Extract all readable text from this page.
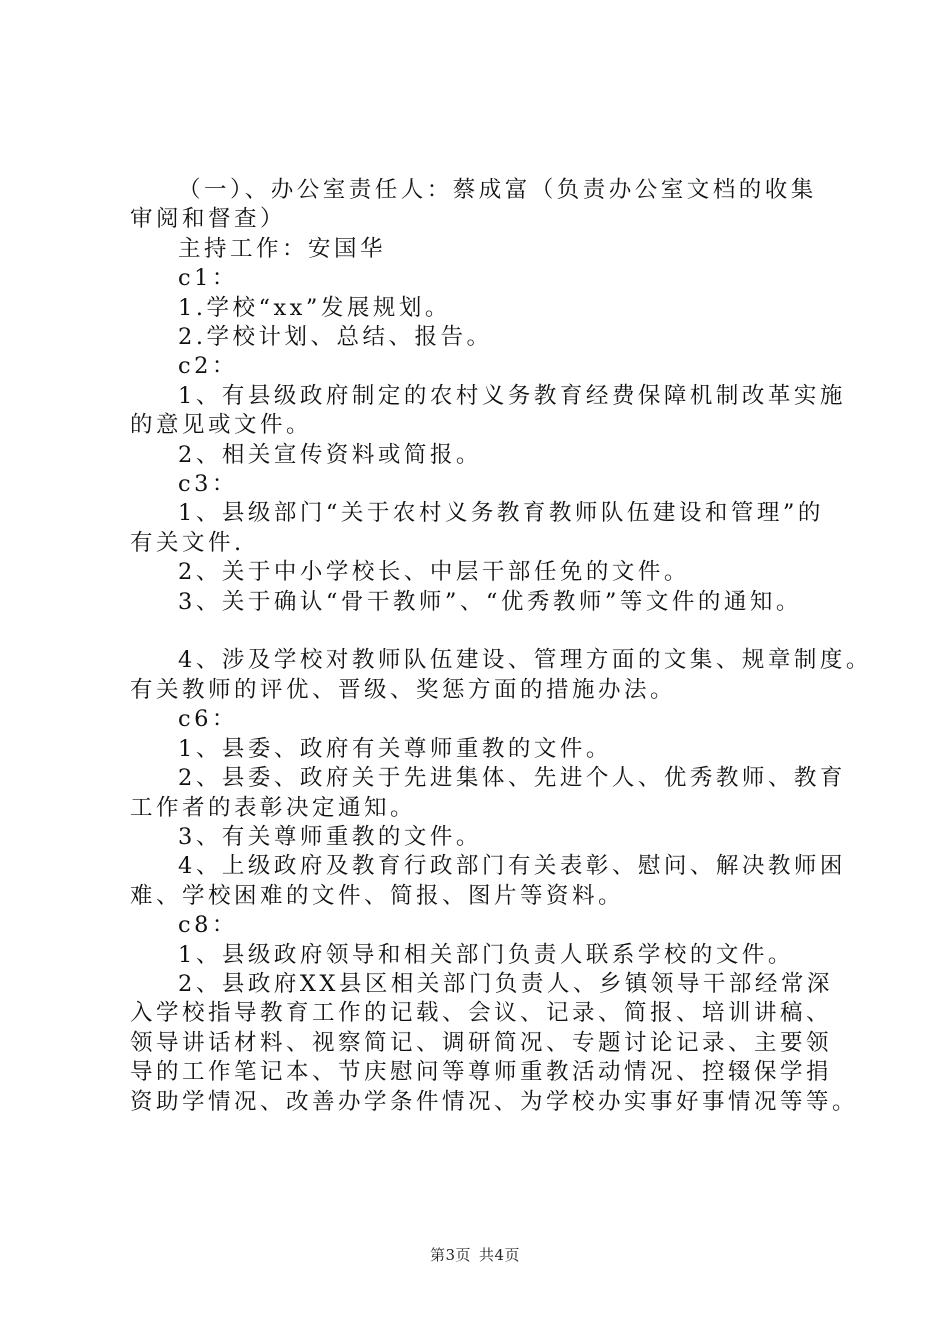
（一）、办公室责任人：蔡成富（负责办公室文档的收集

审阅和督查）

主持工作：安国华

c1：

1.学校“xx”发展规划。

2.学校计划、总结、报告。

c2：

1、有县级政府制定的农村义务教育经费保障机制改革实施

的意见或文件。

2、相关宣传资料或简报。

c3：

1、县级部门“关于农村义务教育教师队伍建设和管理”的

有关文件.

2、关于中小学校长、中层干部任免的文件。

3、关于确认“骨干教师”、“优秀教师”等文件的通知。

4、涉及学校对教师队伍建设、管理方面的文集、规章制度。

有关教师的评优、晋级、奖惩方面的措施办法。

c6：

1、县委、政府有关尊师重教的文件。

2、县委、政府关于先进集体、先进个人、优秀教师、教育

工作者的表彰决定通知。

3、有关尊师重教的文件。

4、上级政府及教育行政部门有关表彰、慰问、解决教师困

难、学校困难的文件、简报、图片等资料。

c8：

1、县级政府领导和相关部门负责人联系学校的文件。

2、县政府XX县区相关部门负责人、乡镇领导干部经常深

入学校指导教育工作的记载、会议、记录、简报、培训讲稿、

领导讲话材料、视察简记、调研简况、专题讨论记录、主要领

导的工作笔记本、节庆慰问等尊师重教活动情况、控辍保学捐

资助学情况、改善办学条件情况、为学校办实事好事情况等等。

第3页 共4页
